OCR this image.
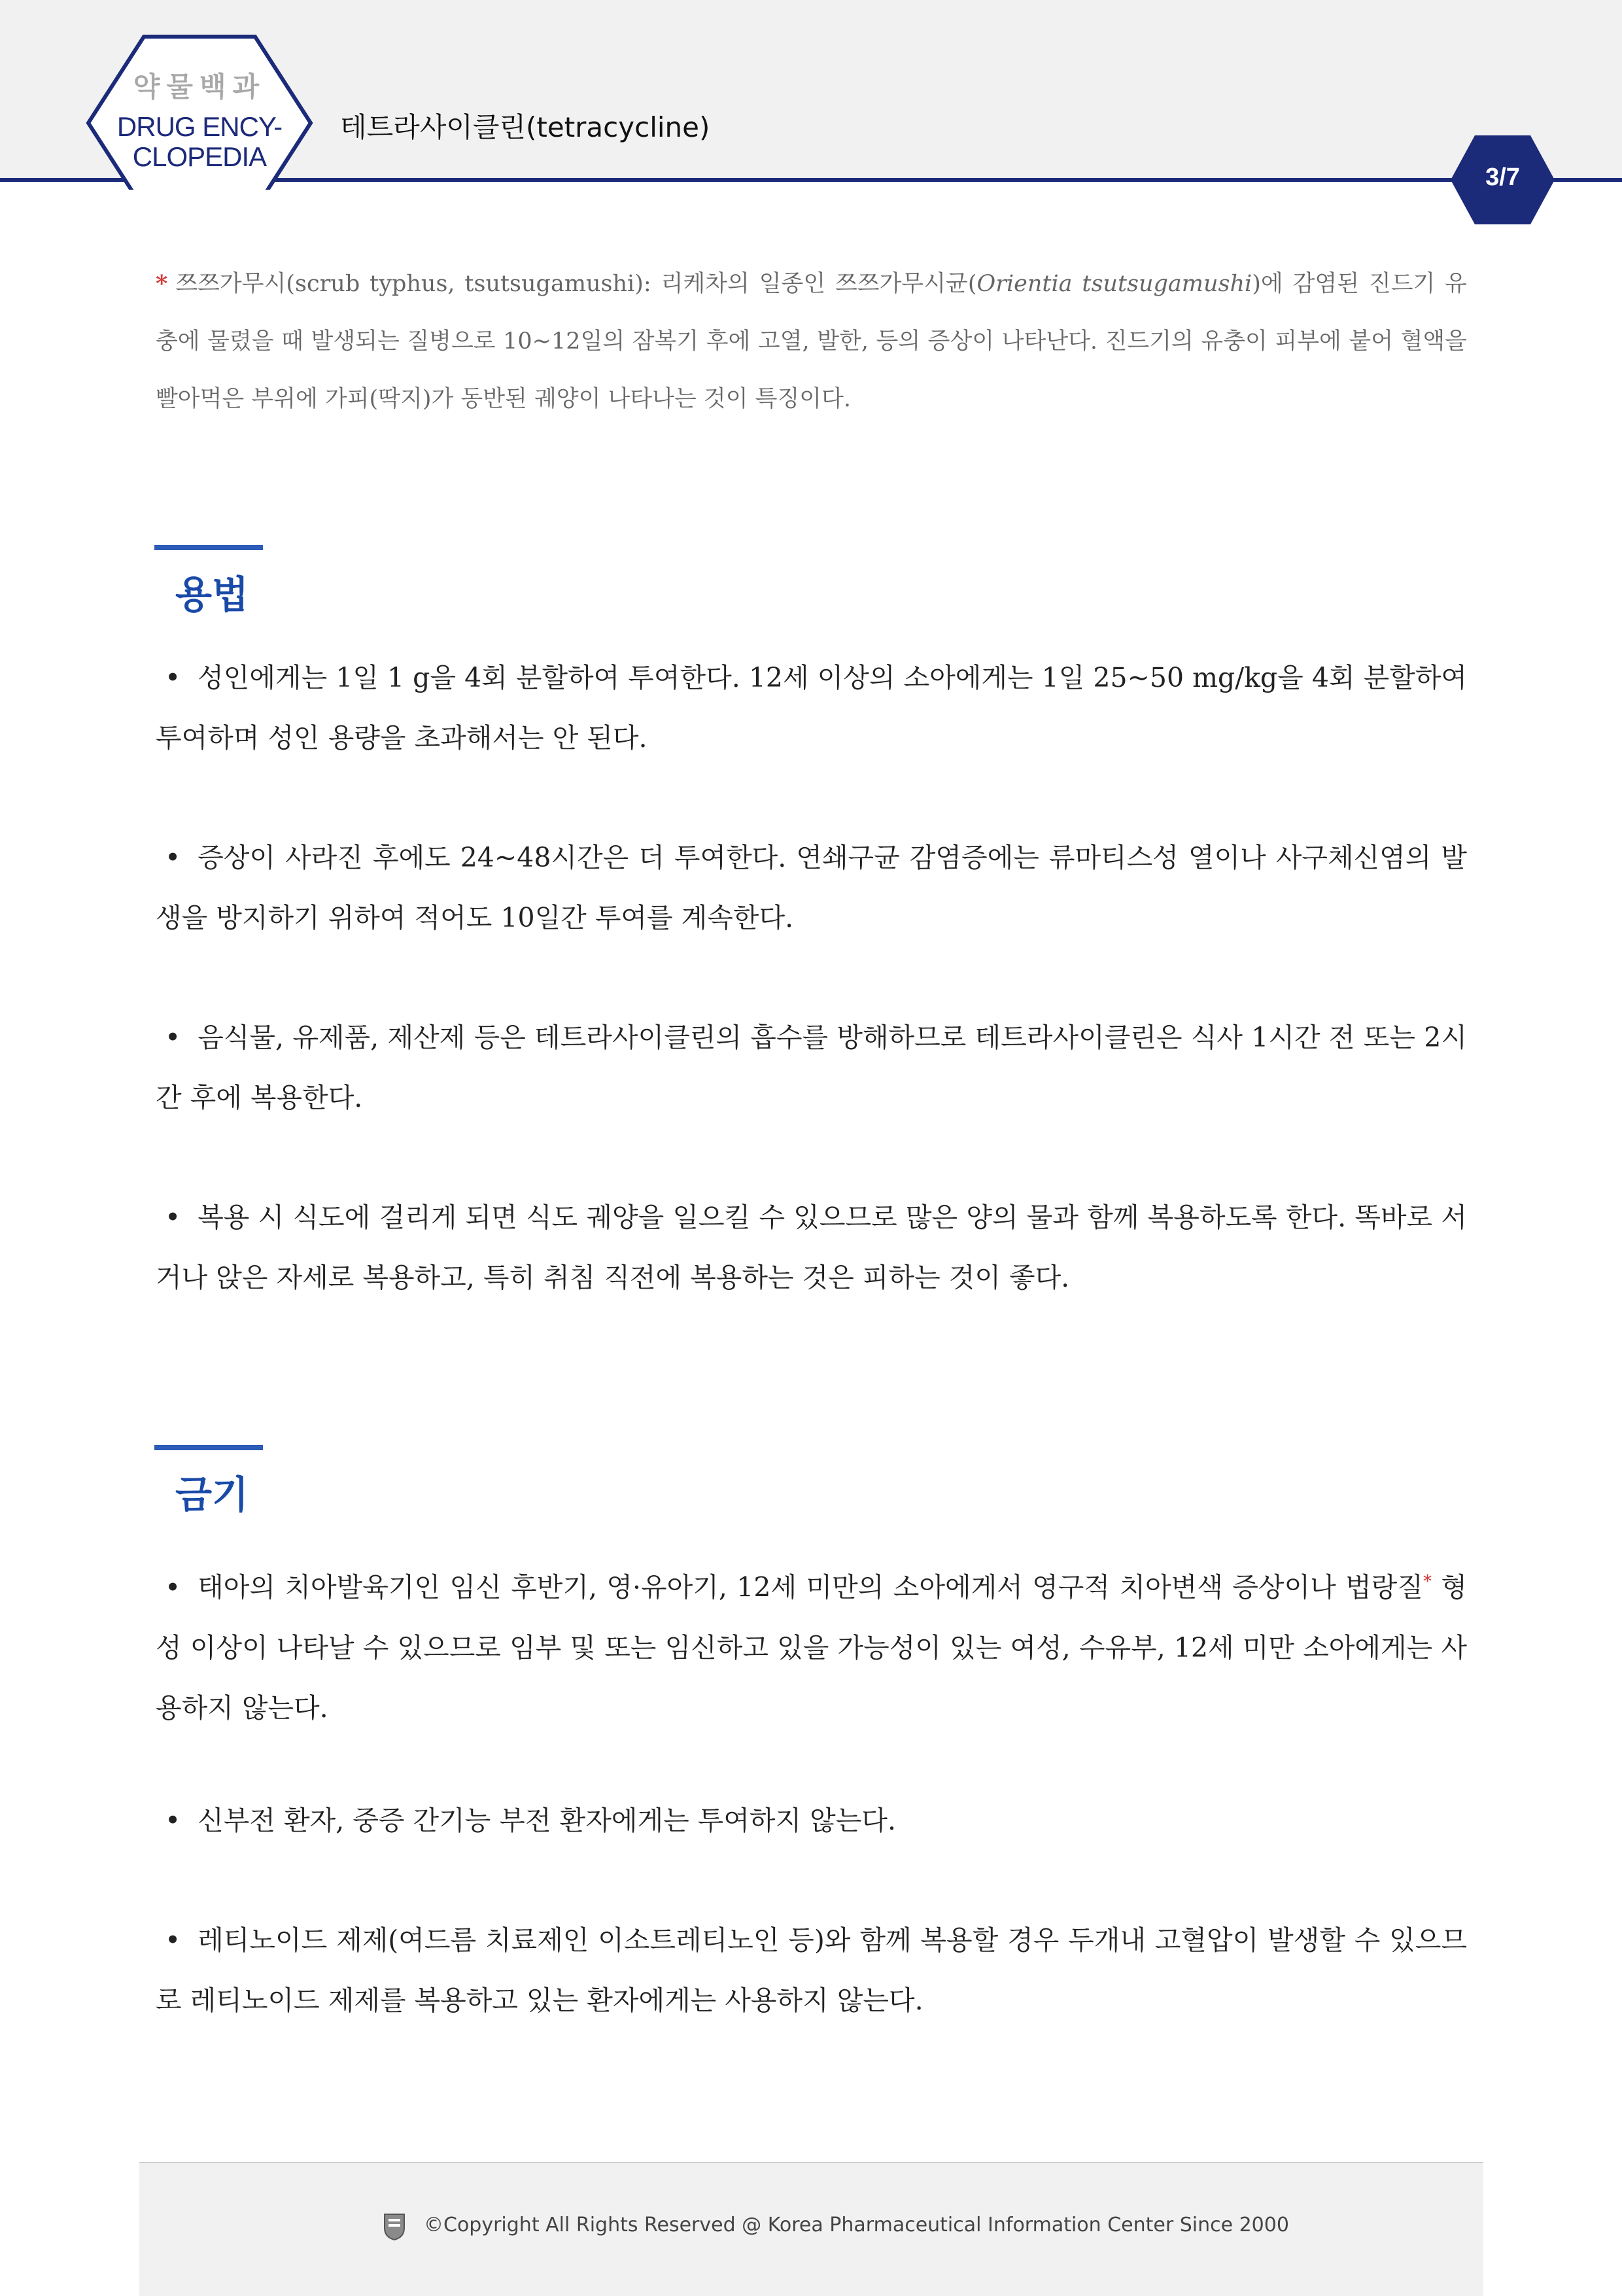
약물백과
DRUG ENCY-
CLOPEDIA
테트라사이클린(tetracycline)
3/7
* 쯔쯔가무시(scrub typhus, tsutsugamushi): 리케차의 일종인 쯔쯔가무시균(Orientia tsutsugamushi)에 감염된 진드기 유충에 물렸을 때 발생되는 질병으로 10~12일의 잠복기 후에 고열, 발한, 등의 증상이 나타난다. 진드기의 유충이 피부에 붙어 혈액을 빨아먹은 부위에 가피(딱지)가 동반된 궤양이 나타나는 것이 특징이다.
용법
• 성인에게는 1일 1 g을 4회 분할하여 투여한다. 12세 이상의 소아에게는 1일 25~50 mg/kg을 4회 분할하여 투여하며 성인 용량을 초과해서는 안 된다.
• 증상이 사라진 후에도 24~48시간은 더 투여한다. 연쇄구균 감염증에는 류마티스성 열이나 사구체신염의 발생을 방지하기 위하여 적어도 10일간 투여를 계속한다.
• 음식물, 유제품, 제산제 등은 테트라사이클린의 흡수를 방해하므로 테트라사이클린은 식사 1시간 전 또는 2시간 후에 복용한다.
• 복용 시 식도에 걸리게 되면 식도 궤양을 일으킬 수 있으므로 많은 양의 물과 함께 복용하도록 한다. 똑바로 서거나 앉은 자세로 복용하고, 특히 취침 직전에 복용하는 것은 피하는 것이 좋다.
금기
• 태아의 치아발육기인 임신 후반기, 영·유아기, 12세 미만의 소아에게서 영구적 치아변색 증상이나 법랑질* 형성 이상이 나타날 수 있으므로 임부 및 또는 임신하고 있을 가능성이 있는 여성, 수유부, 12세 미만 소아에게는 사용하지 않는다.
• 신부전 환자, 중증 간기능 부전 환자에게는 투여하지 않는다.
• 레티노이드 제제(여드름 치료제인 이소트레티노인 등)와 함께 복용할 경우 두개내 고혈압이 발생할 수 있으므로 레티노이드 제제를 복용하고 있는 환자에게는 사용하지 않는다.
©Copyright All Rights Reserved @ Korea Pharmaceutical Information Center Since 2000
